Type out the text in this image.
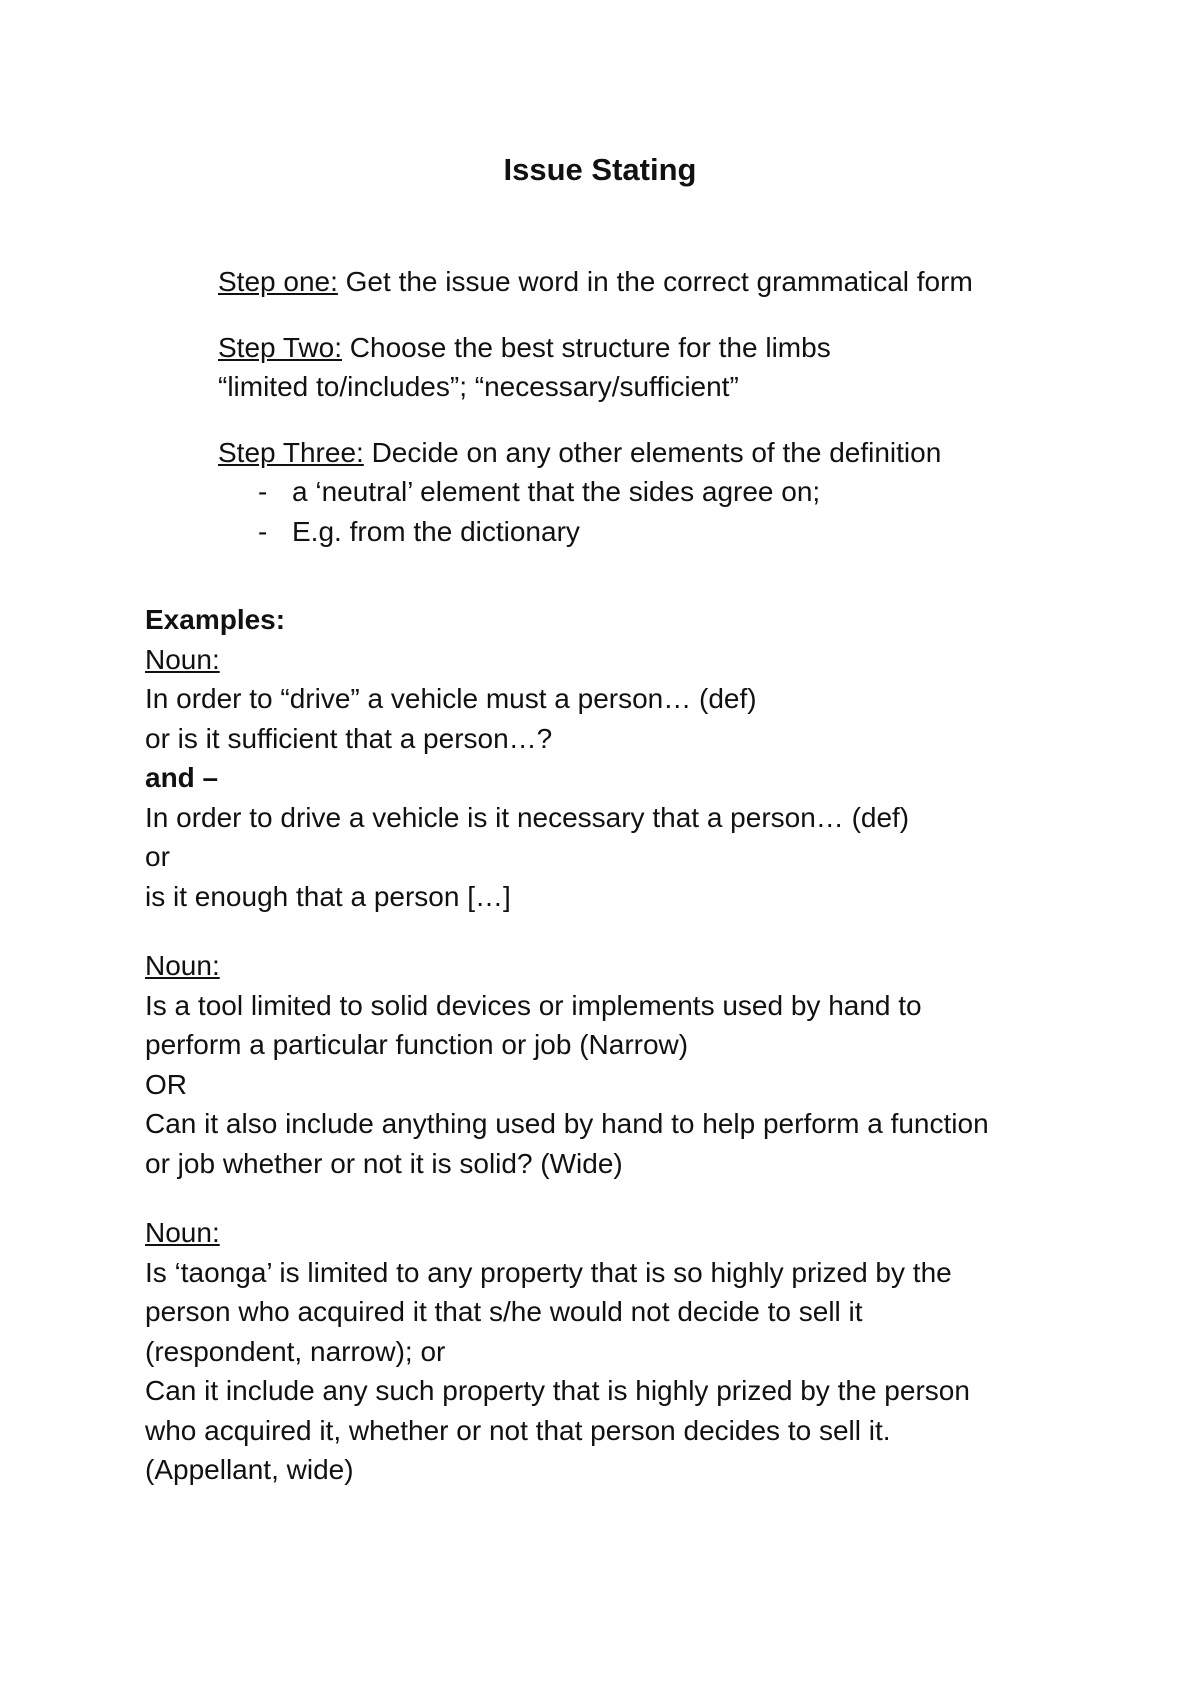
Issue Stating

Step one: Get the issue word in the correct grammatical form

Step Two: Choose the best structure for the limbs
“limited to/includes”; “necessary/sufficient”
Step Three: Decide on any other elements of the definition
- a ‘neutral’ element that the sides agree on;
- E.g. from the dictionary

Examples:

Noun:

In order to “drive” a vehicle must a person… (def)

or is it sufficient that a person…?

and –

In order to drive a vehicle is it necessary that a person… (def)

or

is it enough that a person […]

Noun:

Is a tool limited to solid devices or implements used by hand to

perform a particular function or job (Narrow)

OR

Can it also include anything used by hand to help perform a function

or job whether or not it is solid? (Wide)

Noun:

Is ‘taonga’ is limited to any property that is so highly prized by the

person who acquired it that s/he would not decide to sell it

(respondent, narrow); or

Can it include any such property that is highly prized by the person

who acquired it, whether or not that person decides to sell it.

(Appellant, wide)
